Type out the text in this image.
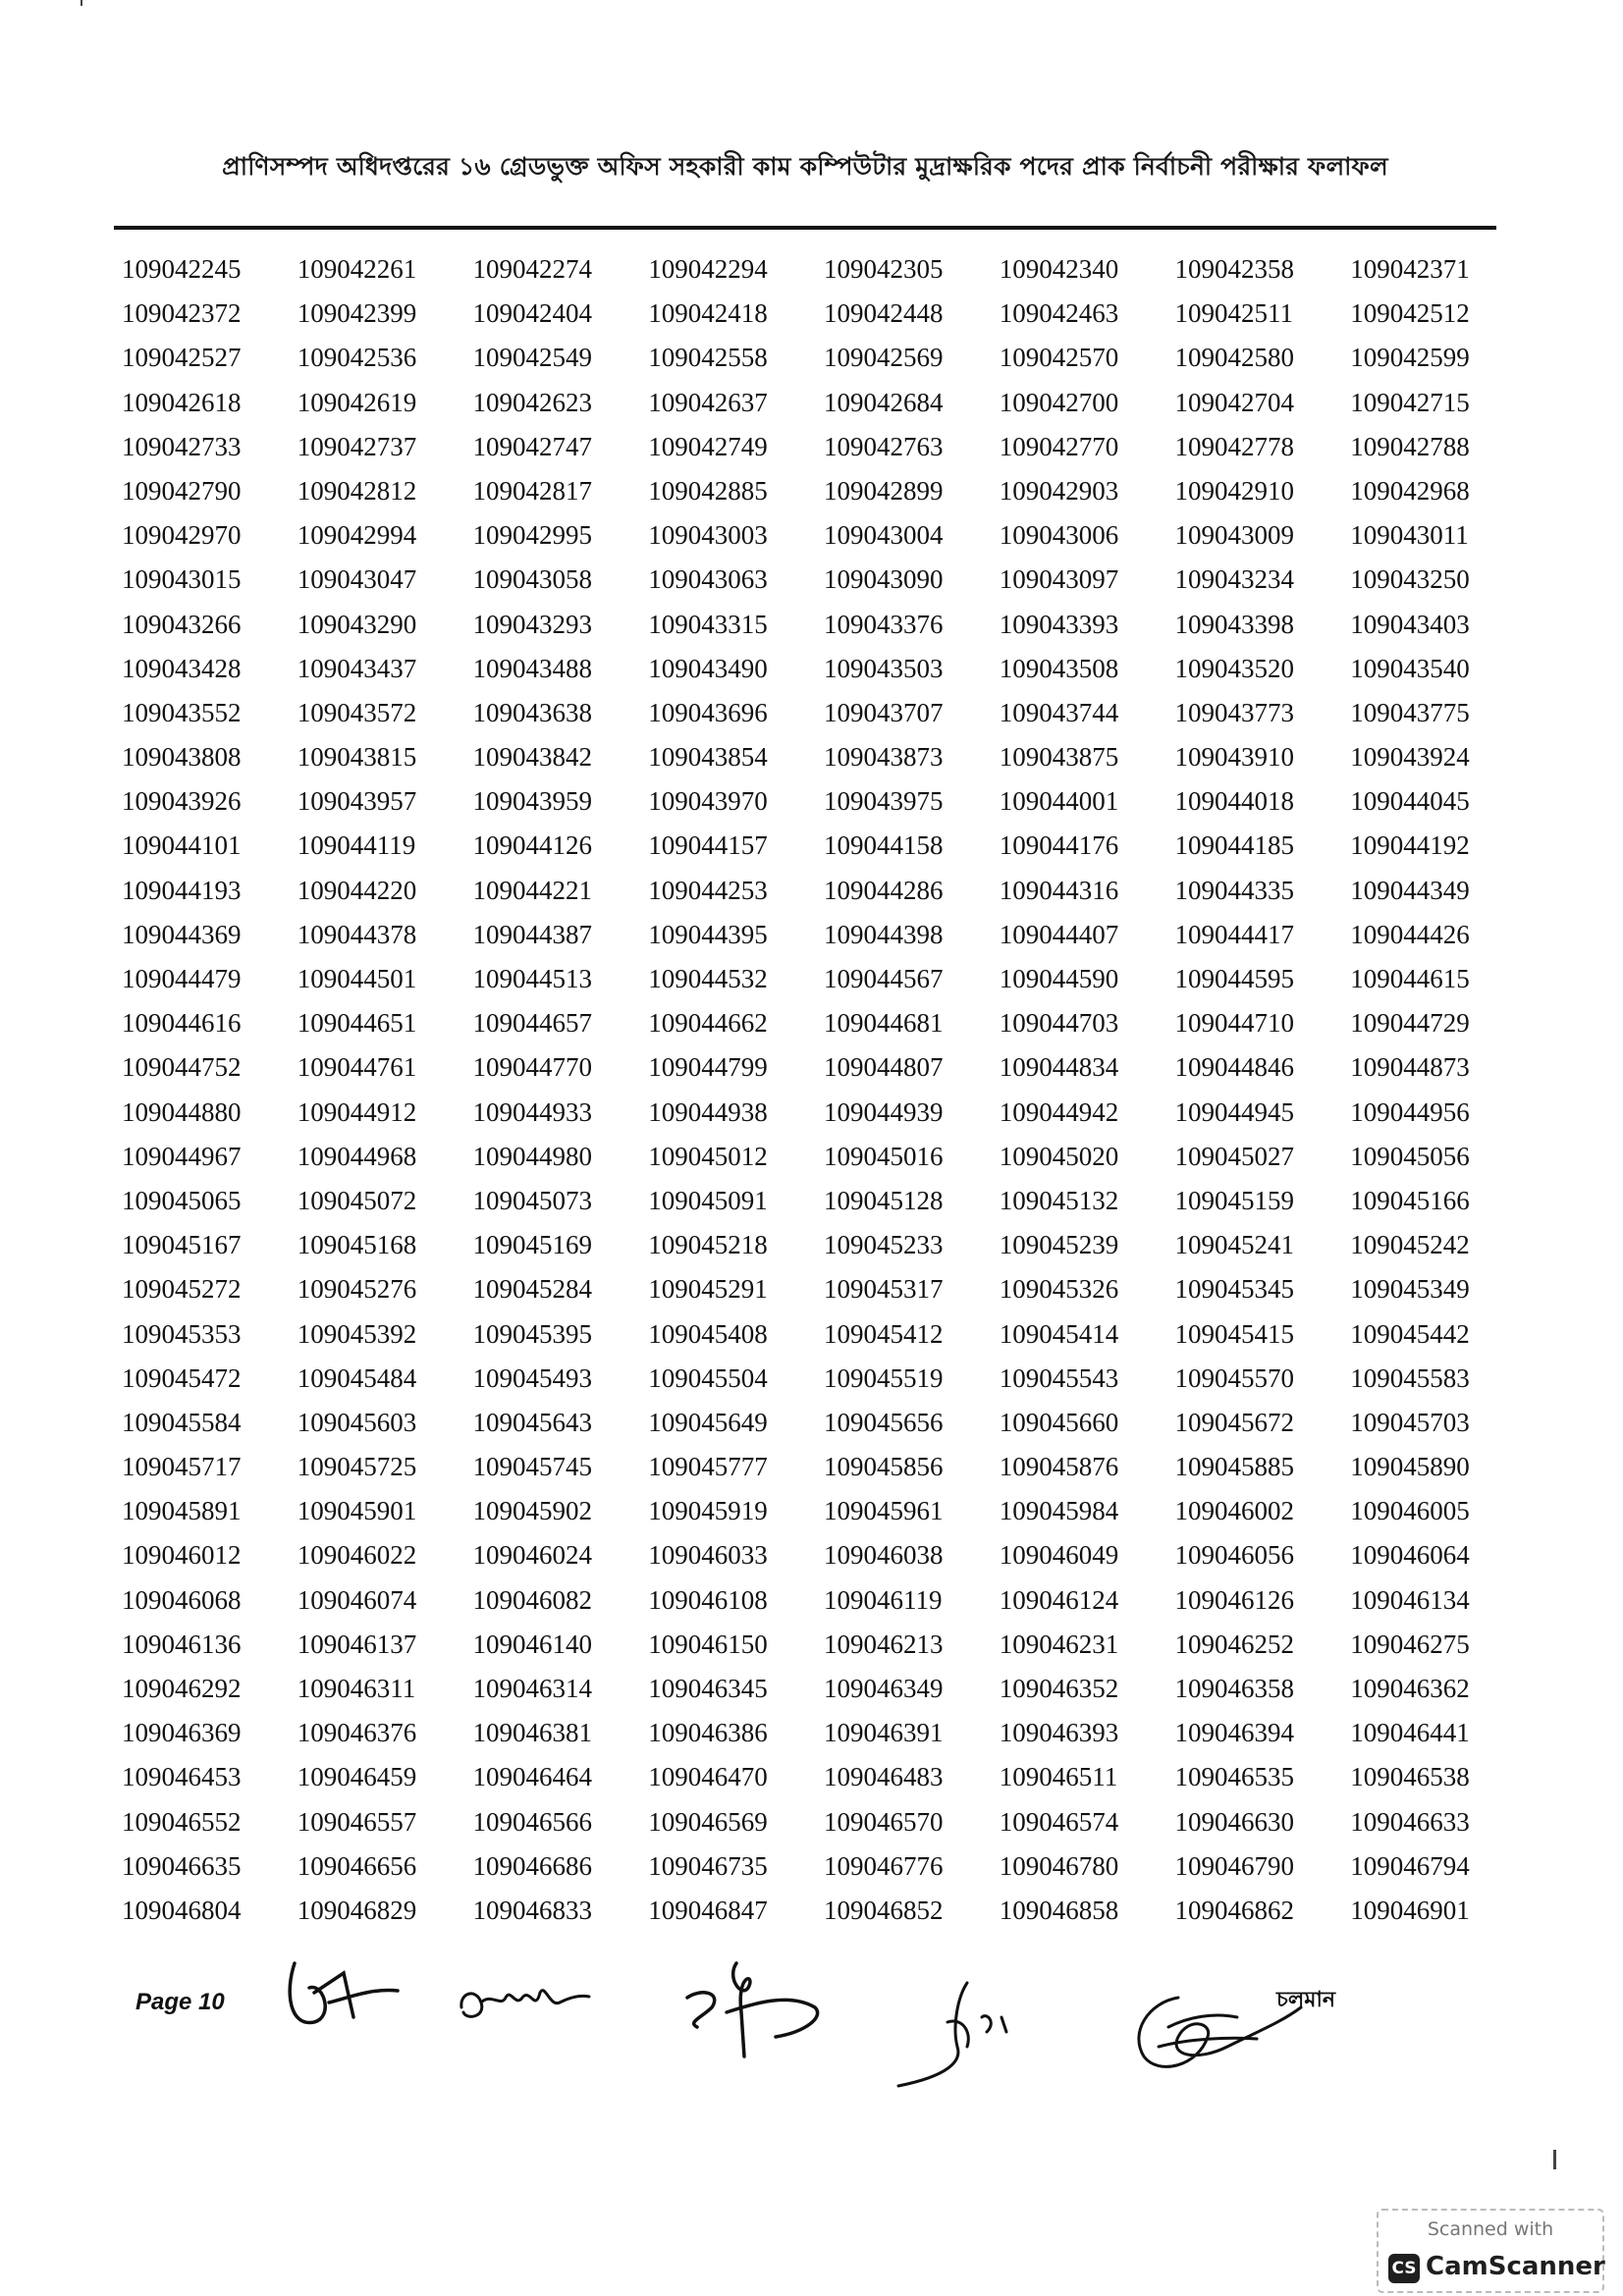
প্রাণিসম্পদ অধিদপ্তরের ১৬ গ্রেডভুক্ত অফিস সহকারী কাম কম্পিউটার মুদ্রাক্ষরিক পদের প্রাক নির্বাচনী পরীক্ষার ফলাফল
109042245	109042261	109042274	109042294	109042305	109042340	109042358	109042371
109042372	109042399	109042404	109042418	109042448	109042463	109042511	109042512
109042527	109042536	109042549	109042558	109042569	109042570	109042580	109042599
109042618	109042619	109042623	109042637	109042684	109042700	109042704	109042715
109042733	109042737	109042747	109042749	109042763	109042770	109042778	109042788
109042790	109042812	109042817	109042885	109042899	109042903	109042910	109042968
109042970	109042994	109042995	109043003	109043004	109043006	109043009	109043011
109043015	109043047	109043058	109043063	109043090	109043097	109043234	109043250
109043266	109043290	109043293	109043315	109043376	109043393	109043398	109043403
109043428	109043437	109043488	109043490	109043503	109043508	109043520	109043540
109043552	109043572	109043638	109043696	109043707	109043744	109043773	109043775
109043808	109043815	109043842	109043854	109043873	109043875	109043910	109043924
109043926	109043957	109043959	109043970	109043975	109044001	109044018	109044045
109044101	109044119	109044126	109044157	109044158	109044176	109044185	109044192
109044193	109044220	109044221	109044253	109044286	109044316	109044335	109044349
109044369	109044378	109044387	109044395	109044398	109044407	109044417	109044426
109044479	109044501	109044513	109044532	109044567	109044590	109044595	109044615
109044616	109044651	109044657	109044662	109044681	109044703	109044710	109044729
109044752	109044761	109044770	109044799	109044807	109044834	109044846	109044873
109044880	109044912	109044933	109044938	109044939	109044942	109044945	109044956
109044967	109044968	109044980	109045012	109045016	109045020	109045027	109045056
109045065	109045072	109045073	109045091	109045128	109045132	109045159	109045166
109045167	109045168	109045169	109045218	109045233	109045239	109045241	109045242
109045272	109045276	109045284	109045291	109045317	109045326	109045345	109045349
109045353	109045392	109045395	109045408	109045412	109045414	109045415	109045442
109045472	109045484	109045493	109045504	109045519	109045543	109045570	109045583
109045584	109045603	109045643	109045649	109045656	109045660	109045672	109045703
109045717	109045725	109045745	109045777	109045856	109045876	109045885	109045890
109045891	109045901	109045902	109045919	109045961	109045984	109046002	109046005
109046012	109046022	109046024	109046033	109046038	109046049	109046056	109046064
109046068	109046074	109046082	109046108	109046119	109046124	109046126	109046134
109046136	109046137	109046140	109046150	109046213	109046231	109046252	109046275
109046292	109046311	109046314	109046345	109046349	109046352	109046358	109046362
109046369	109046376	109046381	109046386	109046391	109046393	109046394	109046441
109046453	109046459	109046464	109046470	109046483	109046511	109046535	109046538
109046552	109046557	109046566	109046569	109046570	109046574	109046630	109046633
109046635	109046656	109046686	109046735	109046776	109046780	109046790	109046794
109046804	109046829	109046833	109046847	109046852	109046858	109046862	109046901
Page 10	চলমান
Scanned with
CS CamScanner
